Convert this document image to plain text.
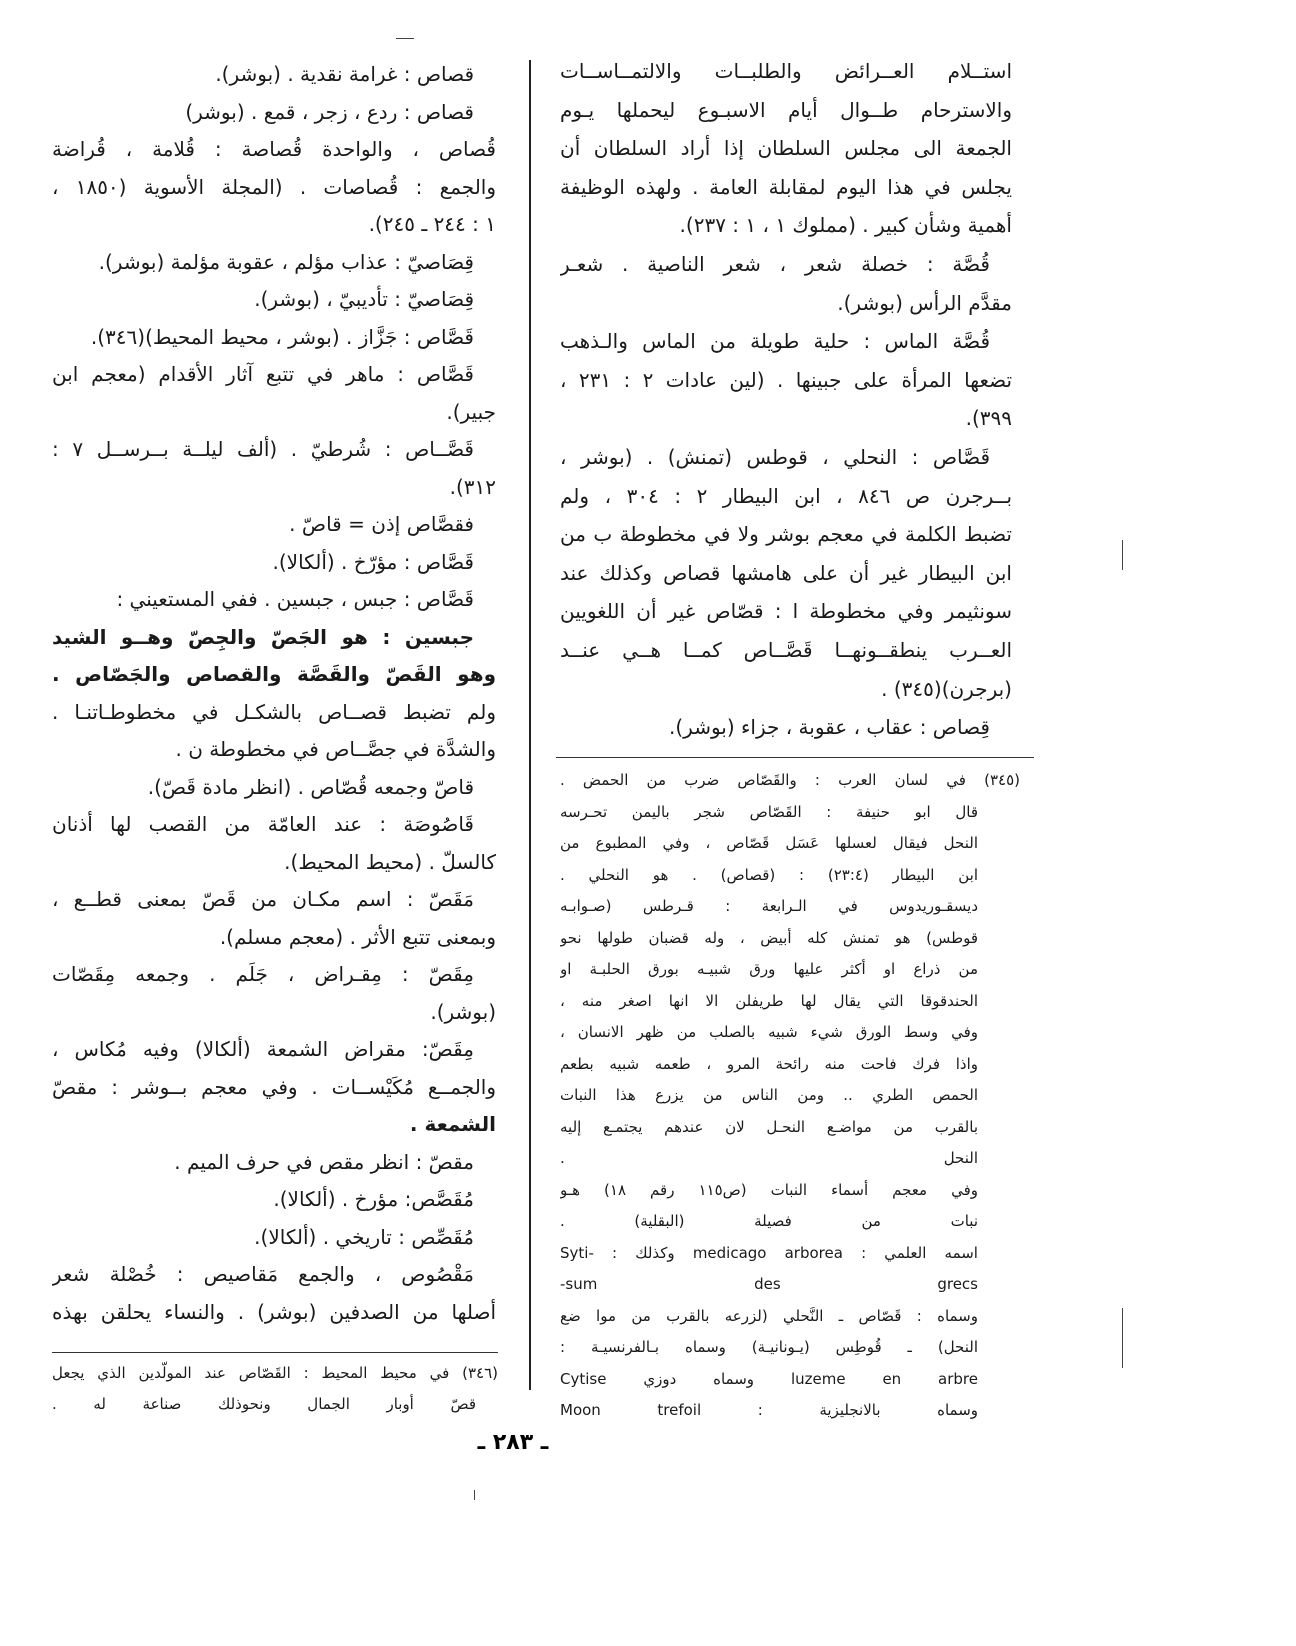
استــلام العــرائض والطلبــات والالتمــاســات
والاسترحام طــوال أيام الاسبـوع ليحملها يـوم
الجمعة الى مجلس السلطان إذا أراد السلطان أن
يجلس في هذا اليوم لمقابلة العامة . ولهذه الوظيفة
أهمية وشأن كبير . (مملوك ١ ، ١ : ٢٣٧).
قُصَّة : خصلة شعر ، شعر الناصية . شعـر
مقدَّم الرأس (بوشر).
قُصَّة الماس : حلية طويلة من الماس والـذهب
تضعها المرأة على جبينها . (لين عادات ٢ : ٢٣١ ،
٣٩٩).
قَصَّاص : النحلي ، قوطس (تمنش) . (بوشر ،
بــرجرن ص ٨٤٦ ، ابن البيطار ٢ : ٣٠٤ ، ولم
تضبط الكلمة في معجم بوشر ولا في مخطوطة ب من
ابن البيطار غير أن على هامشها قصاص وكذلك عند
سونثيمر وفي مخطوطة ا : قصّاص غير أن اللغويين
العــرب ينطقــونهــا قَصَّــاص كمــا هــي عنــد
(برجرن)(٣٤٥) .
قِصاص : عقاب ، عقوبة ، جزاء (بوشر).
قصاص : غرامة نقدية . (بوشر).
قصاص : ردع ، زجر ، قمع . (بوشر)
قُصاص ، والواحدة قُصاصة : قُلامة ، قُراضة
والجمع : قُصاصات . (المجلة الأسوية (١٨٥٠ ،
١ : ٢٤٤ ـ ٢٤٥).
قِصَاصيّ : عذاب مؤلم ، عقوبة مؤلمة (بوشر).
قِصَاصيّ : تأديبيّ ، (بوشر).
قَصَّاص : جَزَّاز . (بوشر ، محيط المحيط)(٣٤٦).
قَصَّاص : ماهر في تتبع آثار الأقدام (معجم ابن
جبير).
قَصَّــاص : شُرطيّ . (ألف ليلــة بــرســل ٧ :
٣١٢).
فقصَّاص إذن = قاصّ .
قَصَّاص : مؤرّخ . (ألكالا).
قَصَّاص : جبس ، جبسين . ففي المستعيني :
جبسين : هو الجَصّ والجِصّ وهــو الشيد
وهو القَصّ والقَصَّة والقصاص والجَصّاص .
ولم تضبط قصــاص بالشكـل في مخطوطـاتنـا .
والشدَّة في جصَّــاص في مخطوطة ن .
قاصّ وجمعه قُصّاص . (انظر مادة قَصّ).
قَاصُوصَة : عند العامّة من القصب لها أذنان
كالسلّ . (محيط المحيط).
مَقَصّ : اسم مكـان من قَصّ بمعنى قطــع ،
وبمعنى تتبع الأثر . (معجم مسلم).
مِقَصّ : مِقـراض ، جَلَم . وجمعه مِقَصّات
(بوشر).
مِقَصّ: مقراض الشمعة (ألكالا) وفيه مُكاس ،
والجمــع مُكَيْســات . وفي معجم بــوشر : مقصّ
الشمعة .
مقصّ : انظر مقص في حرف الميم .
مُقَصَّص: مؤرخ . (ألكالا).
مُقَصِّص : تاريخي . (ألكالا).
مَقْصُوص ، والجمع مَقاصيص : خُصْلة شعر
أصلها من الصدفين (بوشر) . والنساء يحلقن بهذه
(٣٤٥) في لسان العرب : والقَصّاص ضرب من الحمض .
قال ابو حنيفة : القَصّاص شجر باليمن تحـرسه
النحل فيقال لعسلها عَسَل قَصّاص ، وفي المطبوع من
ابن البيطار (٢٣:٤) : (قصاص) . هو النحلي .
ديسقـوريدوس في الـرابعة : قـرطس (صـوابـه
قوطس) هو تمنش كله أبيض ، وله قضبان طولها نحو
من ذراع او أكثر عليها ورق شبيـه بورق الحلبـة او
الحندقوقا التي يقال لها طريفلن الا انها اصغر منه ،
وفي وسط الورق شيء شبيه بالصلب من ظهر الانسان ،
واذا فرك فاحت منه رائحة المرو ، طعمه شبيه بطعم
الحمص الطري .. ومن الناس من يزرع هذا النبات
بالقرب من مواضـع النحـل لان عندهم يجتمـع إليه
النحل .
وفي معجم أسماء النبات (ص١١٥ رقم ١٨) هـو
نبات من فصيلة (البقلية) .
اسمه العلمي : medicago arborea وكذلك : -Syti
sum des grecs-
وسماه : قَصّاص ـ النَّحلي (لزرعه بالقرب من موا ضع
النحل) ـ قُوطِس (يـونانيـة) وسماه بـالفرنسيـة :
luzeme en arbre وسماه دوزي Cytise
وسماه بالانجليزية : Moon trefoil
(٣٤٦) في محيط المحيط : القَصّاص عند المولّدين الذي يجعل
قصّ أوبار الجمال ونحوذلك صناعة له .
ـ ٢٨٣ ـ
